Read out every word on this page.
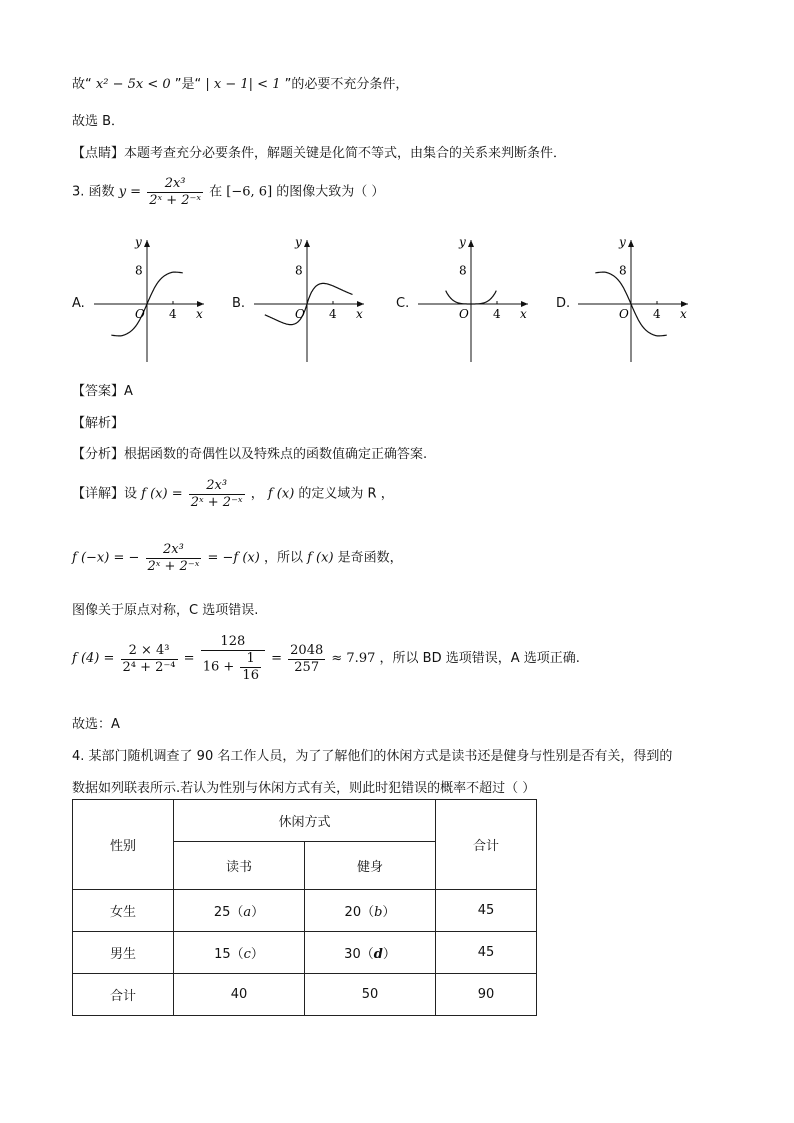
故“ x² − 5x < 0 ”是“ | x − 1| < 1 ”的必要不充分条件，
故选 B．
【点睛】本题考查充分必要条件，解题关键是化简不等式，由集合的关系来判断条件．
3. 函数 $y = \frac{\text{2x³}}{\text{2ˣ + 2⁻ˣ}}$ 在 [−6, 6] 的图像大致为（ ）
A.
y
8
O 4 x
B.
y
8
O 4 x
C.
y
8
O 4 x
D.
y
8
O 4 x
【答案】A
【解析】
【分析】根据函数的奇偶性以及特殊点的函数值确定正确答案.
【详解】设 f $(x) = \frac{\text{2x³}}{\text{2ˣ + 2⁻ˣ}}$ ， f (x) 的定义域为 R ，
f (−x) = − $\frac{\text{2x³}}{\text{2ˣ + 2⁻ˣ}} = -f$ (x) ，所以 f (x) 是奇函数，
图像关于原点对称，C 选项错误.
f $(4) = \frac{\text{2 × 4³}}{\text{2⁴ + 2⁻⁴}} = \frac{128}{16 + \frac{1}{16}} = \frac{2048}{257} \approx 7.97$ ，所以 BD 选项错误，A 选项正确.
故选：A
4. 某部门随机调查了 90 名工作人员，为了了解他们的休闲方式是读书还是健身与性别是否有关，得到的
数据如列联表所示.若认为性别与休闲方式有关，则此时犯错误的概率不超过（ ）
性别	休闲方式		合计
	读书	健身	
女生	25（a）	20（b）	45
男生	15（c）	30（d）	45
合计	40	50	90
